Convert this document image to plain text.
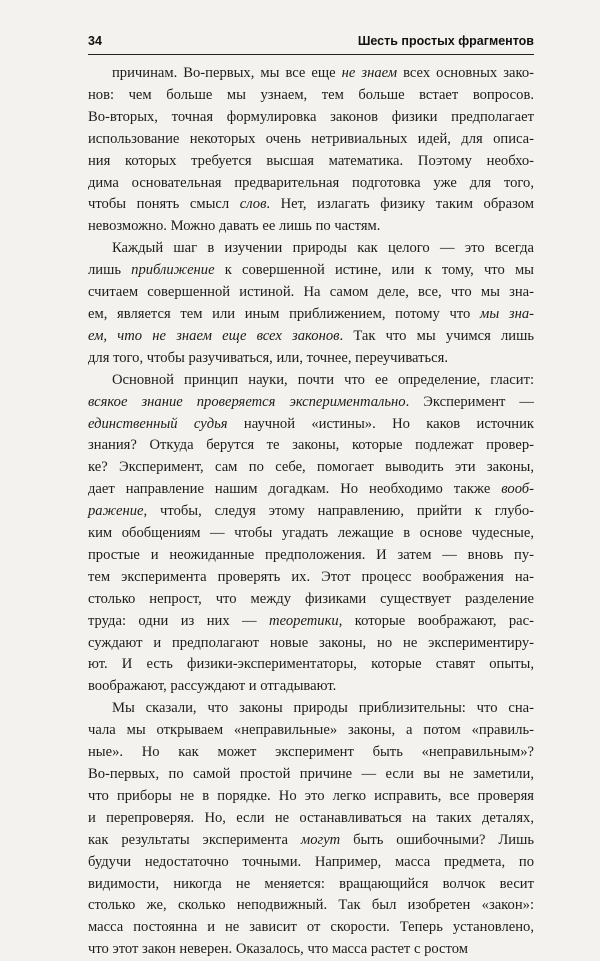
34	Шесть простых фрагментов
причинам. Во-первых, мы все еще не знаем всех основных зако-
нов: чем больше мы узнаем, тем больше встает вопросов.
Во-вторых, точная формулировка законов физики предполагает
использование некоторых очень нетривиальных идей, для описа-
ния которых требуется высшая математика. Поэтому необхо-
дима основательная предварительная подготовка уже для того,
чтобы понять смысл слов. Нет, излагать физику таким образом
невозможно. Можно давать ее лишь по частям.
Каждый шаг в изучении природы как целого — это всегда
лишь приближение к совершенной истине, или к тому, что мы
считаем совершенной истиной. На самом деле, все, что мы зна-
ем, является тем или иным приближением, потому что мы зна-
ем, что не знаем еще всех законов. Так что мы учимся лишь
для того, чтобы разучиваться, или, точнее, переучиваться.
Основной принцип науки, почти что ее определение, гласит:
всякое знание проверяется экспериментально. Эксперимент —
единственный судья научной «истины». Но каков источник
знания? Откуда берутся те законы, которые подлежат провер-
ке? Эксперимент, сам по себе, помогает выводить эти законы,
дает направление нашим догадкам. Но необходимо также вооб-
ражение, чтобы, следуя этому направлению, прийти к глубо-
ким обобщениям — чтобы угадать лежащие в основе чудесные,
простые и неожиданные предположения. И затем — вновь пу-
тем эксперимента проверять их. Этот процесс воображения на-
столько непрост, что между физиками существует разделение
труда: одни из них — теоретики, которые воображают, рас-
суждают и предполагают новые законы, но не экспериментиру-
ют. И есть физики-экспериментаторы, которые ставят опыты,
воображают, рассуждают и отгадывают.
Мы сказали, что законы природы приблизительны: что сна-
чала мы открываем «неправильные» законы, а потом «правиль-
ные». Но как может эксперимент быть «неправильным»?
Во-первых, по самой простой причине — если вы не заметили,
что приборы не в порядке. Но это легко исправить, все проверяя
и перепроверяя. Но, если не останавливаться на таких деталях,
как результаты эксперимента могут быть ошибочными? Лишь
будучи недостаточно точными. Например, масса предмета, по
видимости, никогда не меняется: вращающийся волчок весит
столько же, сколько неподвижный. Так был изобретен «закон»:
масса постоянна и не зависит от скорости. Теперь установлено,
что этот закон неверен. Оказалось, что масса растет с ростом
